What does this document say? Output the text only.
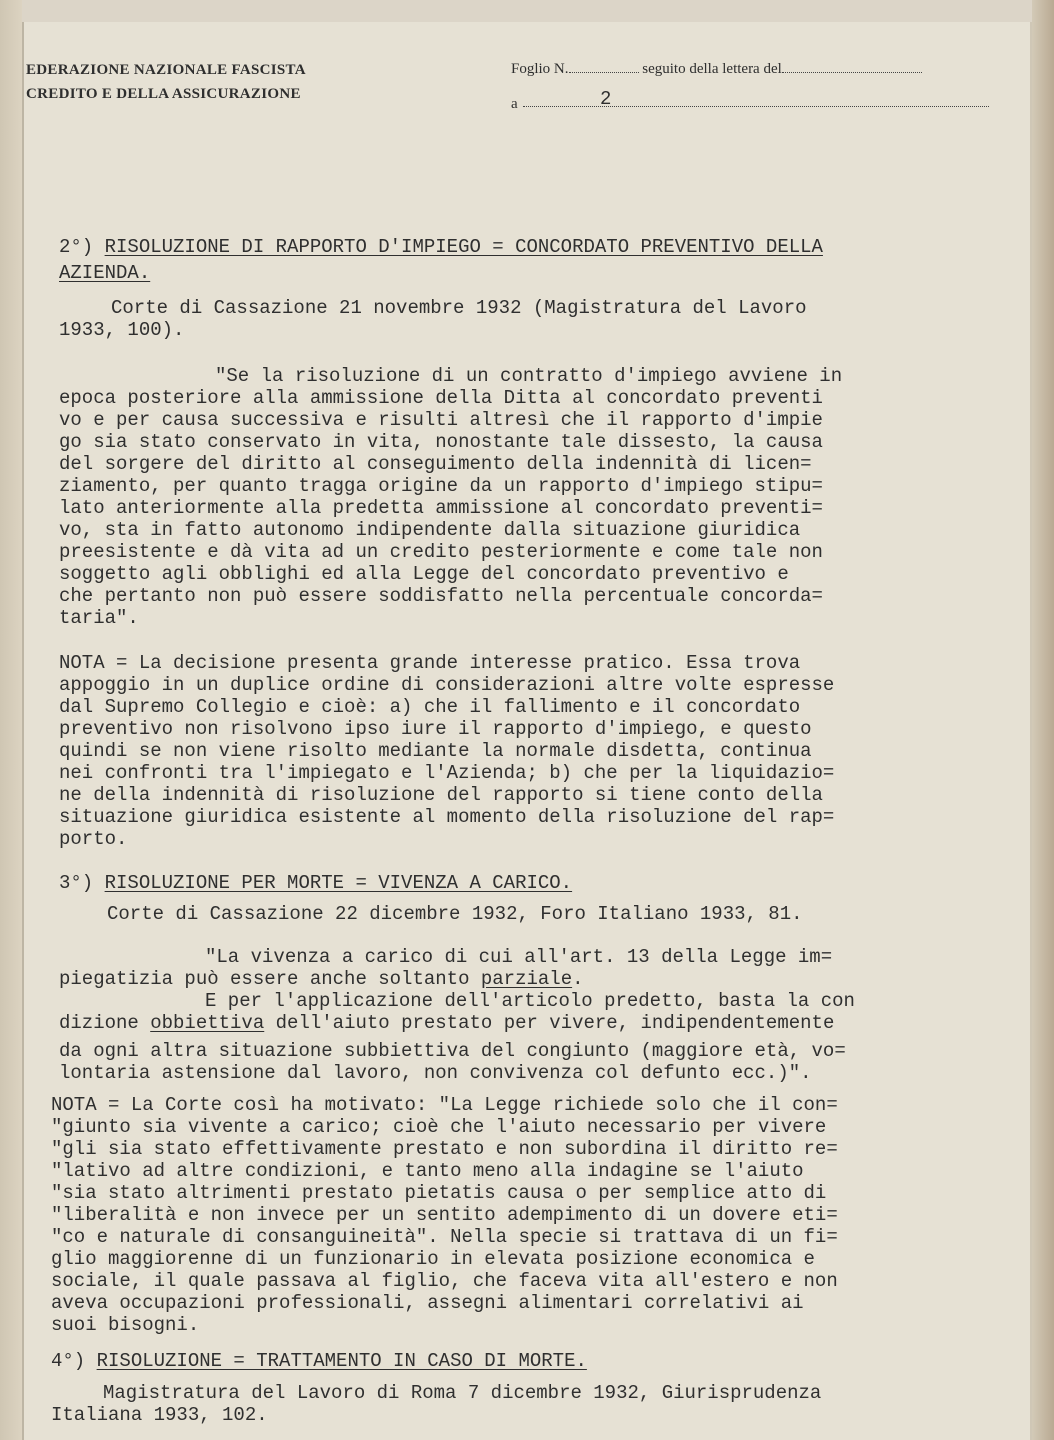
EDERAZIONE NAZIONALE FASCISTA
CREDITO E DELLA ASSICURAZIONE
Foglio N.	seguito della lettera del
a	2

2°) RISOLUZIONE DI RAPPORTO D'IMPIEGO = CONCORDATO PREVENTIVO DELLA

AZIENDA.

Corte di Cassazione 21 novembre 1932 (Magistratura del Lavoro

1933, 100).

"Se la risoluzione di un contratto d'impiego avviene in

epoca posteriore alla ammissione della Ditta al concordato preventi

vo e per causa successiva e risulti altresì che il rapporto d'impie

go sia stato conservato in vita, nonostante tale dissesto, la causa

del sorgere del diritto al conseguimento della indennità di licen=

ziamento, per quanto tragga origine da un rapporto d'impiego stipu=

lato anteriormente alla predetta ammissione al concordato preventi=

vo, sta in fatto autonomo indipendente dalla situazione giuridica

preesistente e dà vita ad un credito pesteriormente e come tale non

soggetto agli obblighi ed alla Legge del concordato preventivo e

che pertanto non può essere soddisfatto nella percentuale concorda=

taria".

NOTA = La decisione presenta grande interesse pratico. Essa trova

appoggio in un duplice ordine di considerazioni altre volte espresse

dal Supremo Collegio e cioè: a) che il fallimento e il concordato

preventivo non risolvono ipso iure il rapporto d'impiego, e questo

quindi se non viene risolto mediante la normale disdetta, continua

nei confronti tra l'impiegato e l'Azienda; b) che per la liquidazio=

ne della indennità di risoluzione del rapporto si tiene conto della

situazione giuridica esistente al momento della risoluzione del rap=

porto.

3°) RISOLUZIONE PER MORTE = VIVENZA A CARICO.

Corte di Cassazione 22 dicembre 1932, Foro Italiano 1933, 81.

"La vivenza a carico di cui all'art. 13 della Legge im=

piegatizia può essere anche soltanto parziale.

E per l'applicazione dell'articolo predetto, basta la con

dizione obbiettiva dell'aiuto prestato per vivere, indipendentemente

da ogni altra situazione subbiettiva del congiunto (maggiore età, vo=

lontaria astensione dal lavoro, non convivenza col defunto ecc.)".

NOTA = La Corte così ha motivato: "La Legge richiede solo che il con=

"giunto sia vivente a carico; cioè che l'aiuto necessario per vivere

"gli sia stato effettivamente prestato e non subordina il diritto re=

"lativo ad altre condizioni, e tanto meno alla indagine se l'aiuto

"sia stato altrimenti prestato pietatis causa o per semplice atto di

"liberalità e non invece per un sentito adempimento di un dovere eti=

"co e naturale di consanguineità". Nella specie si trattava di un fi=

glio maggiorenne di un funzionario in elevata posizione economica e

sociale, il quale passava al figlio, che faceva vita all'estero e non

aveva occupazioni professionali, assegni alimentari correlativi ai

suoi bisogni.

4°) RISOLUZIONE = TRATTAMENTO IN CASO DI MORTE.

Magistratura del Lavoro di Roma 7 dicembre 1932, Giurisprudenza

Italiana 1933, 102.
